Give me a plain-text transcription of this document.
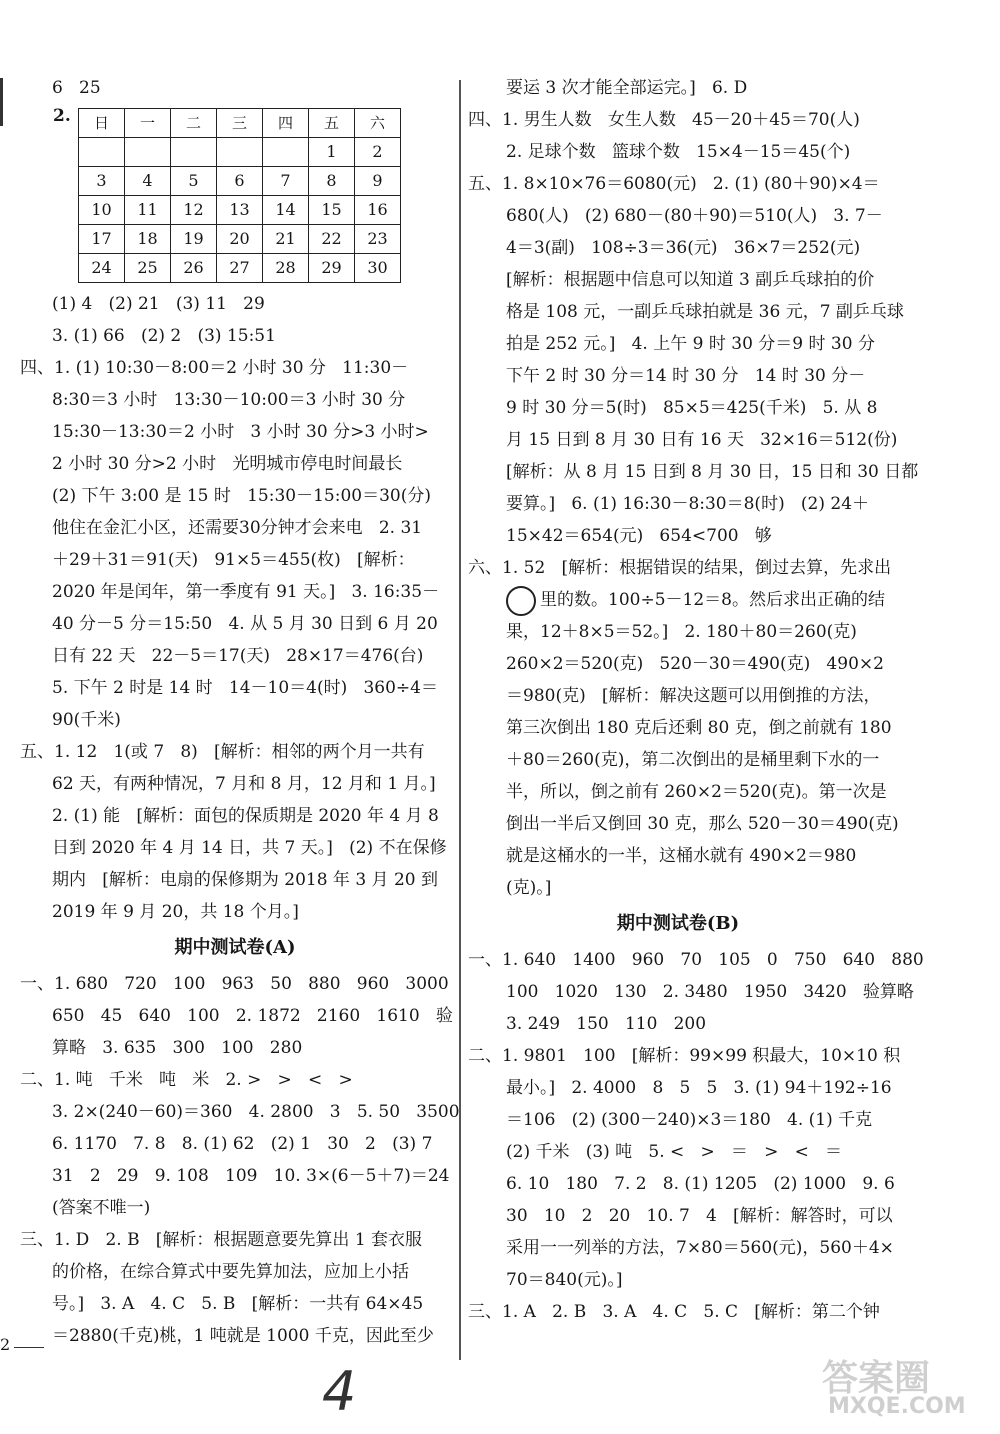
6   25
2. 日	一	二	三	四	五	六
					1	2
3	4	5	6	7	8	9
10	11	12	13	14	15	16
17	18	19	20	21	22	23
24	25	26	27	28	29	30
(1) 4   (2) 21   (3) 11   29
3. (1) 66   (2) 2   (3) 15:51
四、1. (1) 10:30－8:00＝2 小时 30 分   11:30－
8:30＝3 小时   13:30－10:00＝3 小时 30 分
15:30－13:30＝2 小时   3 小时 30 分>3 小时>
2 小时 30 分>2 小时   光明城市停电时间最长
(2) 下午 3:00 是 15 时   15:30－15:00＝30(分)
他住在金汇小区，还需要30分钟才会来电   2. 31
＋29＋31＝91(天)   91×5＝455(枚)   [解析：
2020 年是闰年，第一季度有 91 天。]   3. 16:35－
40 分－5 分＝15:50   4. 从 5 月 30 日到 6 月 20
日有 22 天   22－5＝17(天)   28×17＝476(台)
5. 下午 2 时是 14 时   14－10＝4(时)   360÷4＝
90(千米)
五、1. 12   1(或 7   8)   [解析：相邻的两个月一共有
62 天，有两种情况，7 月和 8 月，12 月和 1 月。]
2. (1) 能   [解析：面包的保质期是 2020 年 4 月 8
日到 2020 年 4 月 14 日，共 7 天。]   (2) 不在保修
期内   [解析：电扇的保修期为 2018 年 3 月 20 到
2019 年 9 月 20，共 18 个月。]
期中测试卷(A)
一、1. 680   720   100   963   50   880   960   3000
650   45   640   100   2. 1872   2160   1610   验
算略   3. 635   300   100   280
二、1. 吨   千米   吨   米   2. >   >   <   >
3. 2×(240－60)＝360   4. 2800   3   5. 50   3500
6. 1170   7. 8   8. (1) 62   (2) 1   30   2   (3) 7
31   2   29   9. 108   109   10. 3×(6－5＋7)＝24
(答案不唯一)
三、1. D   2. B   [解析：根据题意要先算出 1 套衣服
的价格，在综合算式中要先算加法，应加上小括
号。]   3. A   4. C   5. B   [解析：一共有 64×45
＝2880(千克)桃，1 吨就是 1000 千克，因此至少
要运 3 次才能全部运完。]   6. D
四、1. 男生人数   女生人数   45－20＋45＝70(人)
2. 足球个数   篮球个数   15×4－15＝45(个)
五、1. 8×10×76＝6080(元)   2. (1) (80＋90)×4＝
680(人)   (2) 680－(80＋90)＝510(人)   3. 7－
4＝3(副)   108÷3＝36(元)   36×7＝252(元)
[解析：根据题中信息可以知道 3 副乒乓球拍的价
格是 108 元，一副乒乓球拍就是 36 元，7 副乒乓球
拍是 252 元。]   4. 上午 9 时 30 分＝9 时 30 分
下午 2 时 30 分＝14 时 30 分   14 时 30 分－
9 时 30 分＝5(时)   85×5＝425(千米)   5. 从 8
月 15 日到 8 月 30 日有 16 天   32×16＝512(份)
[解析：从 8 月 15 日到 8 月 30 日，15 日和 30 日都
要算。]   6. (1) 16:30－8:30＝8(时)   (2) 24＋
15×42＝654(元)   654<700   够
六、1. 52   [解析：根据错误的结果，倒过去算，先求出
里的数。100÷5－12＝8。然后求出正确的结
果，12＋8×5＝52。]   2. 180＋80＝260(克)
260×2＝520(克)   520－30＝490(克)   490×2
＝980(克)   [解析：解决这题可以用倒推的方法，
第三次倒出 180 克后还剩 80 克，倒之前就有 180
＋80＝260(克)，第二次倒出的是桶里剩下水的一
半，所以，倒之前有 260×2＝520(克)。第一次是
倒出一半后又倒回 30 克，那么 520－30＝490(克)
就是这桶水的一半，这桶水就有 490×2＝980
(克)。]
期中测试卷(B)
一、1. 640   1400   960   70   105   0   750   640   880
100   1020   130   2. 3480   1950   3420   验算略
3. 249   150   110   200
二、1. 9801   100   [解析：99×99 积最大，10×10 积
最小。]   2. 4000   8   5   5   3. (1) 94＋192÷16
＝106   (2) (300－240)×3＝180   4. (1) 千克
(2) 千米   (3) 吨   5. <   >   ＝   >   <   ＝
6. 10   180   7. 2   8. (1) 1205   (2) 1000   9. 6
30   10   2   20   10. 7   4   [解析：解答时，可以
采用一一列举的方法，7×80＝560(元)，560＋4×
70＝840(元)。]
三、1. A   2. B   3. A   4. C   5. C   [解析：第二个钟
2
4	答案圈
MXQE.COM
